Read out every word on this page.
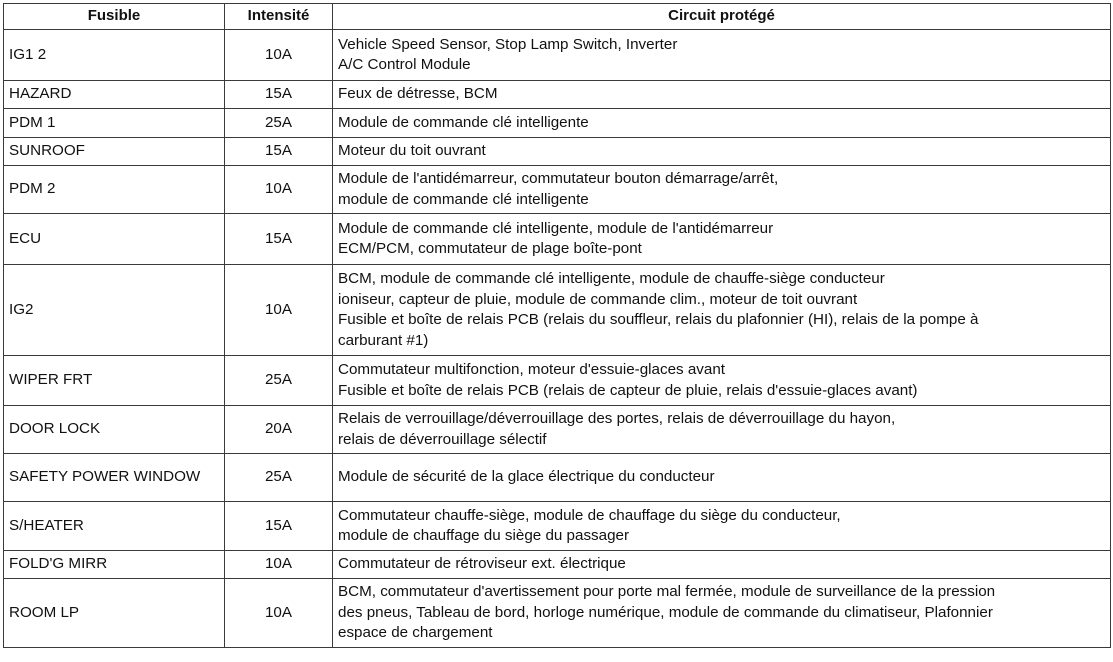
Fusible	Intensité	Circuit protégé
IG1 2	10A	Vehicle Speed Sensor, Stop Lamp Switch, Inverter
A/C Control Module

HAZARD	15A	Feux de détresse, BCM

PDM 1	25A	Module de commande clé intelligente

SUNROOF	15A	Moteur du toit ouvrant

PDM 2	10A	Module de l'antidémarreur, commutateur bouton démarrage/arrêt,
module de commande clé intelligente

ECU	15A	Module de commande clé intelligente, module de l'antidémarreur
ECM/PCM, commutateur de plage boîte-pont

IG2	10A	BCM, module de commande clé intelligente, module de chauffe-siège conducteur
ioniseur, capteur de pluie, module de commande clim., moteur de toit ouvrant
Fusible et boîte de relais PCB (relais du souffleur, relais du plafonnier (HI), relais de la pompe à
carburant #1)

WIPER FRT	25A	Commutateur multifonction, moteur d'essuie-glaces avant
Fusible et boîte de relais PCB (relais de capteur de pluie, relais d'essuie-glaces avant)

DOOR LOCK	20A	Relais de verrouillage/déverrouillage des portes, relais de déverrouillage du hayon,
relais de déverrouillage sélectif

SAFETY POWER WINDOW	25A	Module de sécurité de la glace électrique du conducteur

S/HEATER	15A	Commutateur chauffe-siège, module de chauffage du siège du conducteur,
module de chauffage du siège du passager

FOLD'G MIRR	10A	Commutateur de rétroviseur ext. électrique

ROOM LP	10A	BCM, commutateur d'avertissement pour porte mal fermée, module de surveillance de la pression
des pneus, Tableau de bord, horloge numérique, module de commande du climatiseur, Plafonnier
espace de chargement
